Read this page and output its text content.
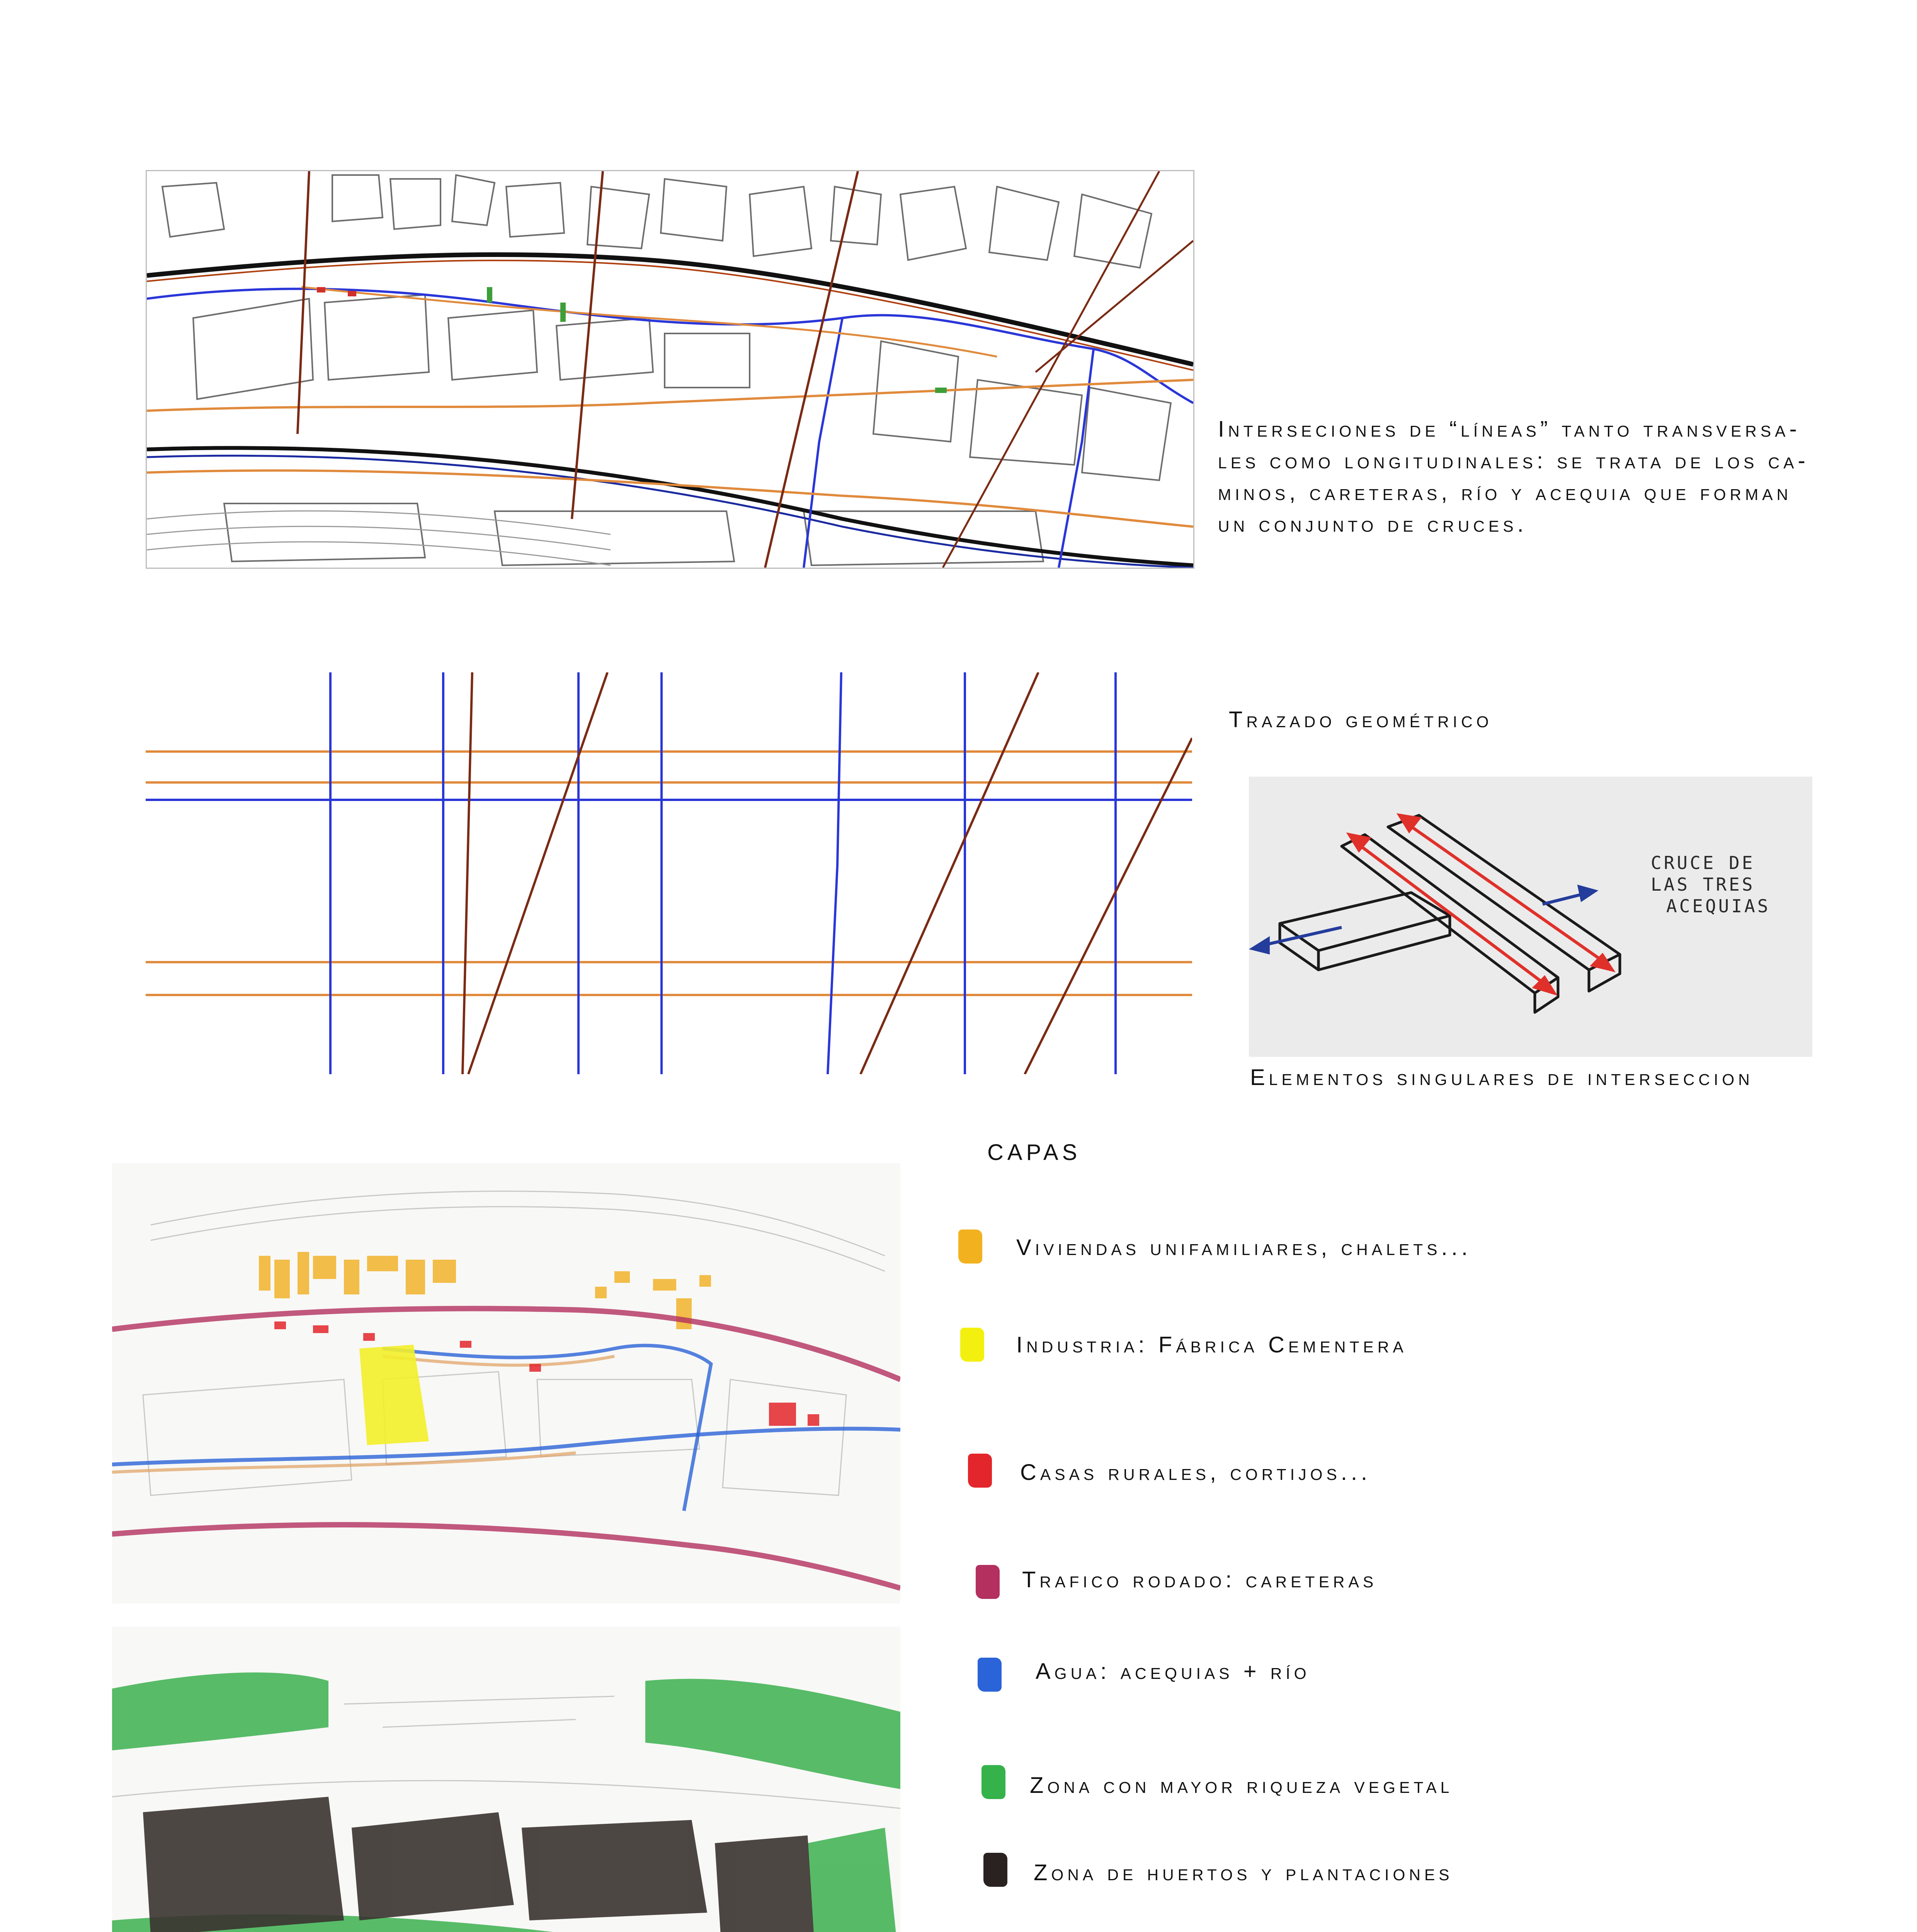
Interseciones de “líneas” tanto transversa-
les como longitudinales: se trata de los ca-
minos, careteras, río y acequia que forman
un conjunto de cruces.
Trazado geométrico
CRUCE DE
LAS TRES
ACEQUIAS
Elementos singulares de interseccion
CAPAS
Viviendas unifamiliares, chalets...
Industria: Fábrica Cementera
Casas rurales, cortijos...
Trafico rodado: careteras
Agua: acequias + río
Zona con mayor riqueza vegetal
Zona de huertos y plantaciones
